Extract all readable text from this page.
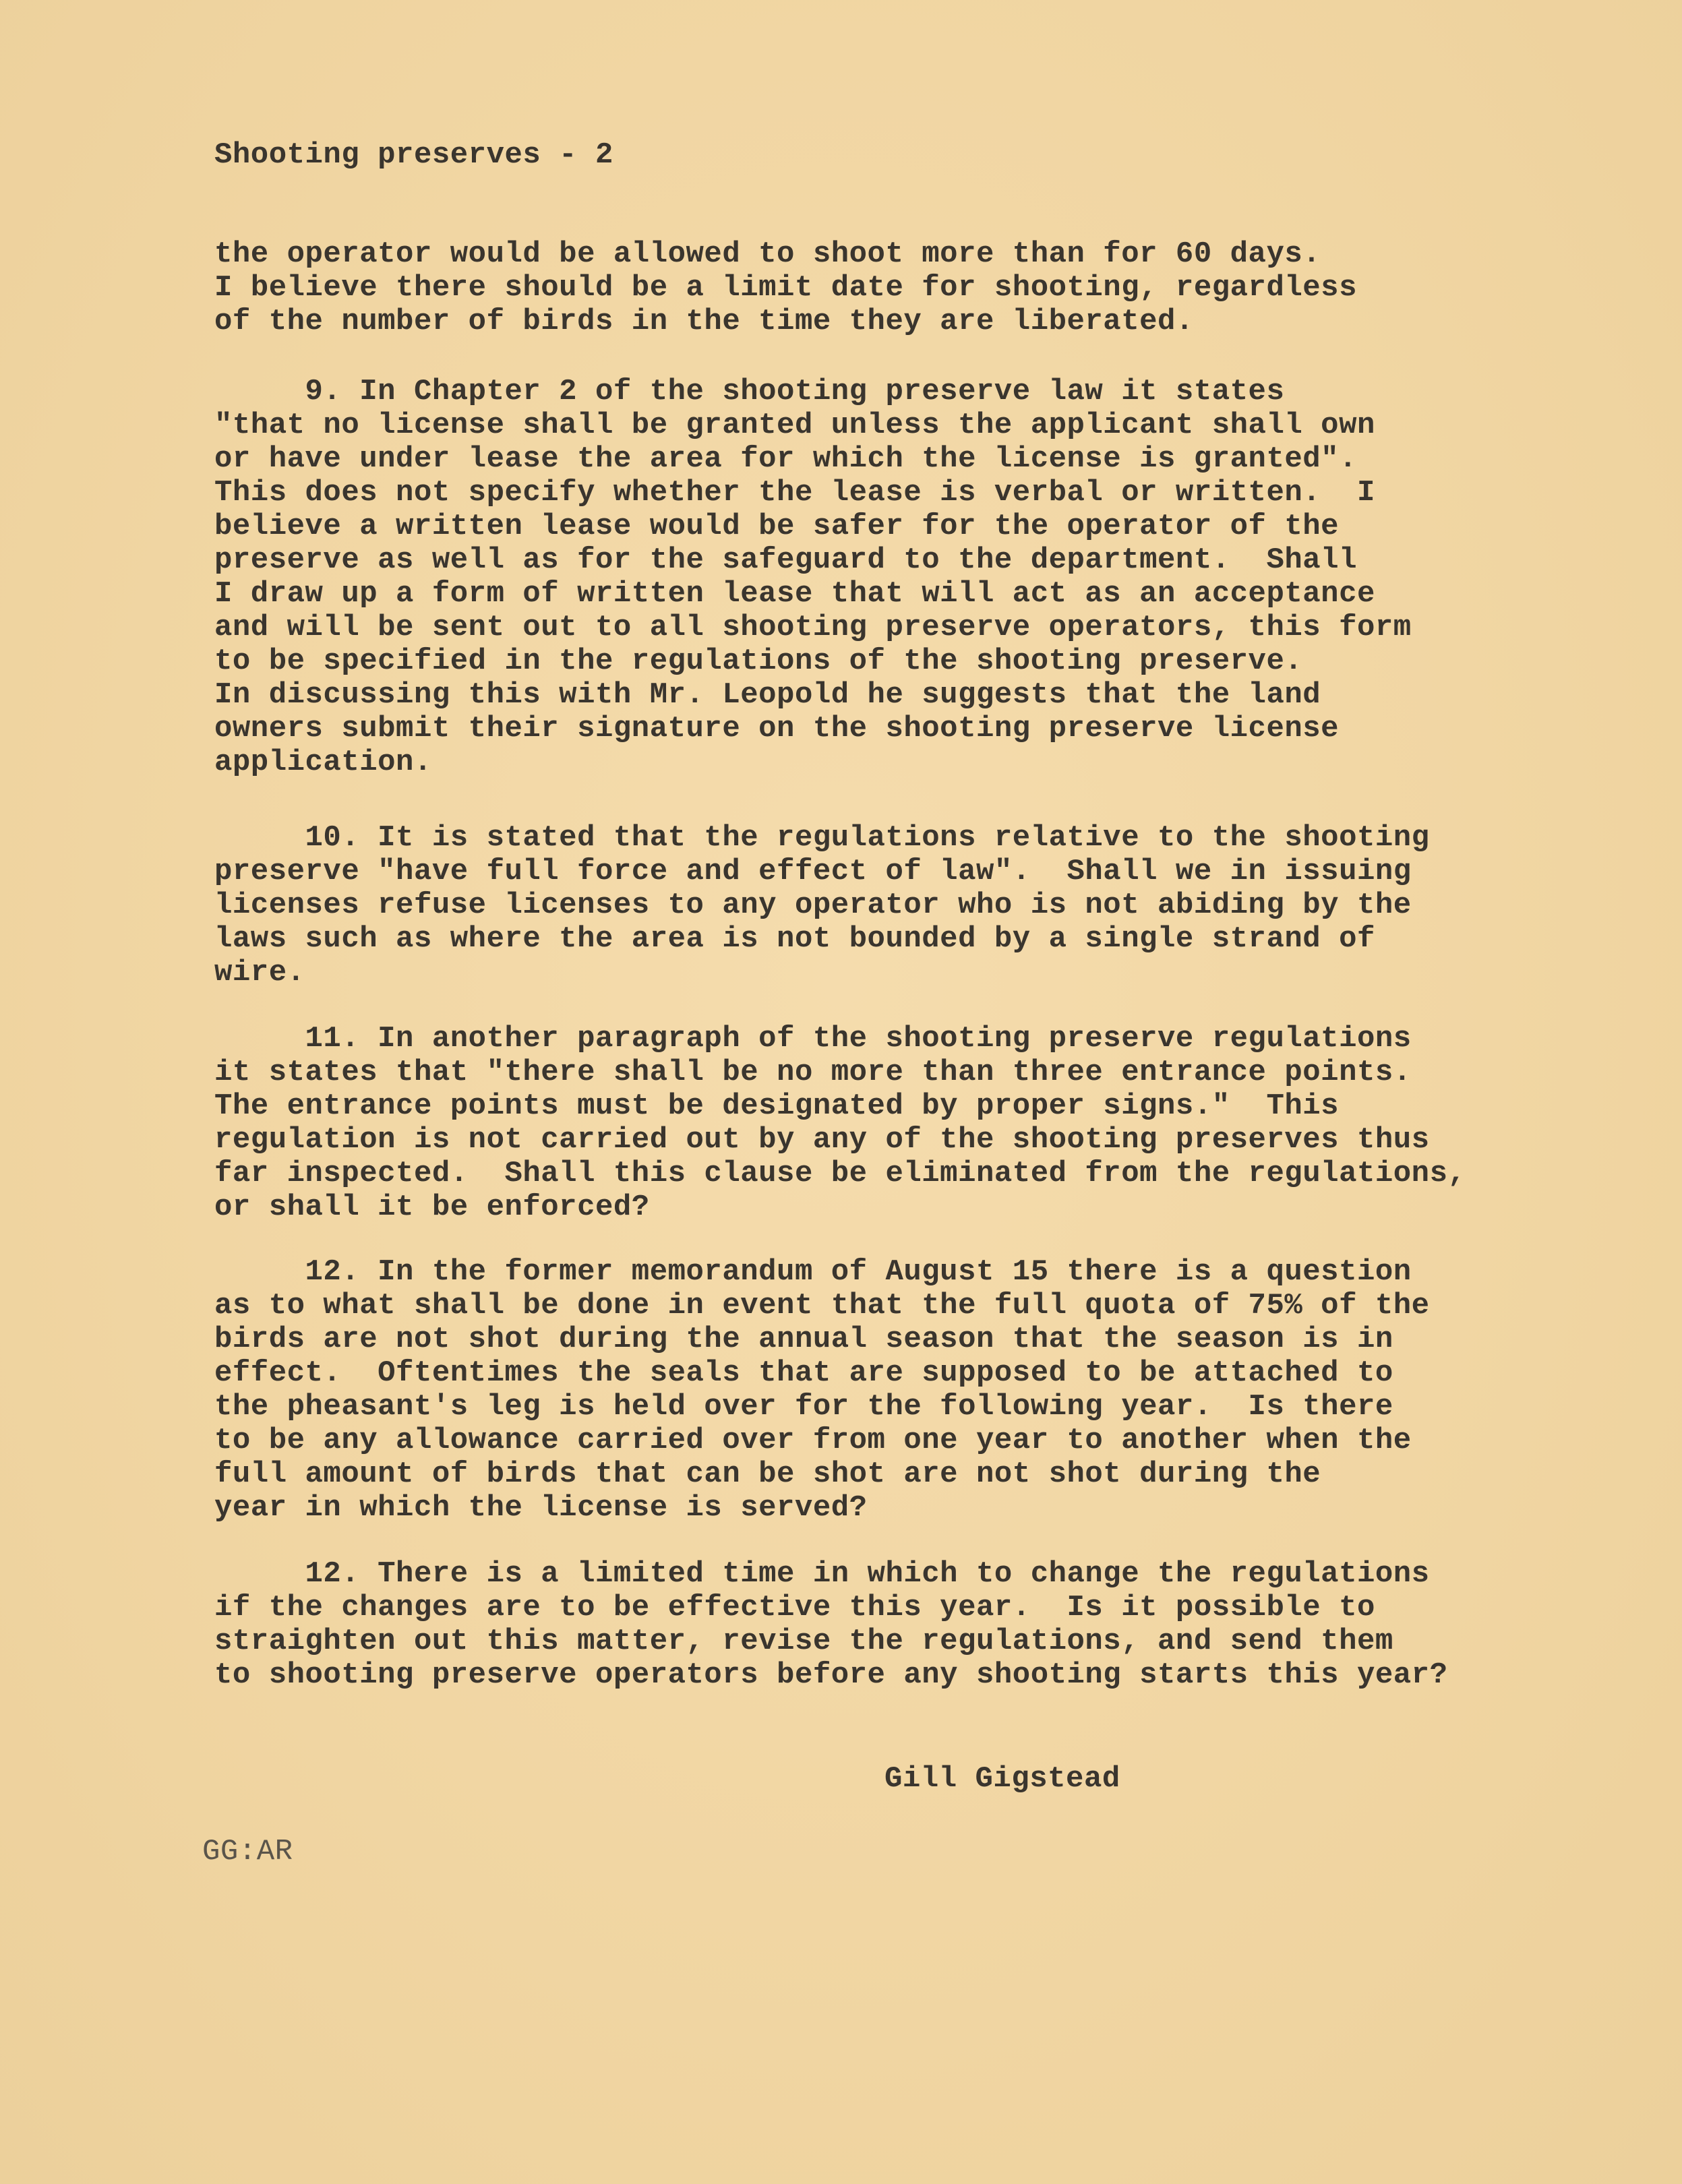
Shooting preserves - 2
the operator would be allowed to shoot more than for 60 days.
I believe there should be a limit date for shooting, regardless
of the number of birds in the time they are liberated.
9. In Chapter 2 of the shooting preserve law it states
"that no license shall be granted unless the applicant shall own
or have under lease the area for which the license is granted".
This does not specify whether the lease is verbal or written.  I
believe a written lease would be safer for the operator of the
preserve as well as for the safeguard to the department.  Shall
I draw up a form of written lease that will act as an acceptance
and will be sent out to all shooting preserve operators, this form
to be specified in the regulations of the shooting preserve.
In discussing this with Mr. Leopold he suggests that the land
owners submit their signature on the shooting preserve license
application.
10. It is stated that the regulations relative to the shooting
preserve "have full force and effect of law".  Shall we in issuing
licenses refuse licenses to any operator who is not abiding by the
laws such as where the area is not bounded by a single strand of
wire.
11. In another paragraph of the shooting preserve regulations
it states that "there shall be no more than three entrance points.
The entrance points must be designated by proper signs."  This
regulation is not carried out by any of the shooting preserves thus
far inspected.  Shall this clause be eliminated from the regulations,
or shall it be enforced?
12. In the former memorandum of August 15 there is a question
as to what shall be done in event that the full quota of 75% of the
birds are not shot during the annual season that the season is in
effect.  Oftentimes the seals that are supposed to be attached to
the pheasant's leg is held over for the following year.  Is there
to be any allowance carried over from one year to another when the
full amount of birds that can be shot are not shot during the
year in which the license is served?
12. There is a limited time in which to change the regulations
if the changes are to be effective this year.  Is it possible to
straighten out this matter, revise the regulations, and send them
to shooting preserve operators before any shooting starts this year?
Gill Gigstead
GG:AR
